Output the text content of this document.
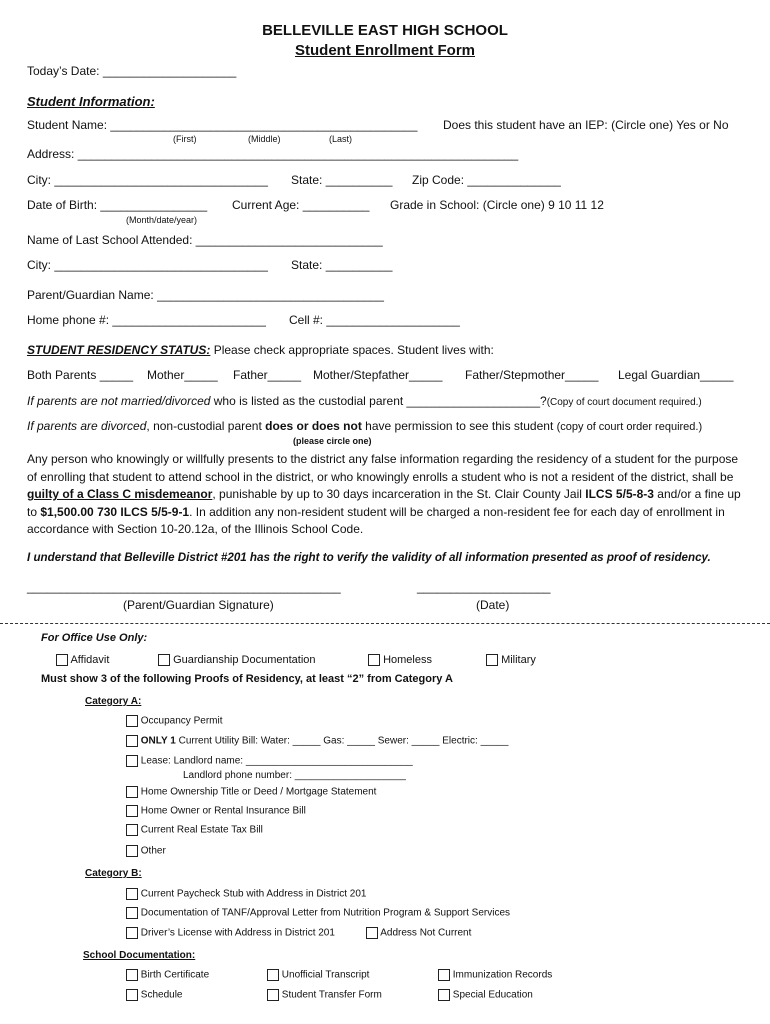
BELLEVILLE EAST HIGH SCHOOL
Student Enrollment Form
Today’s Date: ____________________
Student Information:
Student Name: ______________________________________________ Does this student have an IEP: (Circle one) Yes or No
(First)	(Middle)	(Last)
Address: __________________________________________________________________
City: ________________________________ State: __________ Zip Code: ______________
Date of Birth: ________________ Current Age: __________ Grade in School: (Circle one) 9 10 11 12
(Month/date/year)
Name of Last School Attended: ____________________________
City: ________________________________ State: __________
Parent/Guardian Name: __________________________________
Home phone #: _______________________ Cell #: ____________________
STUDENT RESIDENCY STATUS: Please check appropriate spaces. Student lives with:
Both Parents _____ Mother_____ Father_____ Mother/Stepfather_____ Father/Stepmother_____ Legal Guardian_____
If parents are not married/divorced who is listed as the custodial parent ____________________?(Copy of court document required.)
If parents are divorced, non-custodial parent does or does not have permission to see this student (copy of court order required.)
(please circle one)
Any person who knowingly or willfully presents to the district any false information regarding the residency of a student for the purpose of enrolling that student to attend school in the district, or who knowingly enrolls a student who is not a resident of the district, shall be guilty of a Class C misdemeanor, punishable by up to 30 days incarceration in the St. Clair County Jail ILCS 5/5-8-3 and/or a fine up to $1,500.00 730 ILCS 5/5-9-1. In addition any non-resident student will be charged a non-resident fee for each day of enrollment in accordance with Section 10-20.12a, of the Illinois School Code.
I understand that Belleville District #201 has the right to verify the validity of all information presented as proof of residency.
_______________________________________________	____________________
(Parent/Guardian Signature)	(Date)
For Office Use Only:
Affidavit	Guardianship Documentation	Homeless	Military
Must show 3 of the following Proofs of Residency, at least “2” from Category A
Category A:
Occupancy Permit
ONLY 1 Current Utility Bill: Water: _____ Gas: _____ Sewer: _____ Electric: _____
Lease: Landlord name: ______________________________
Landlord phone number: ____________________
Home Ownership Title or Deed / Mortgage Statement
Home Owner or Rental Insurance Bill
Current Real Estate Tax Bill
Other
Category B:
Current Paycheck Stub with Address in District 201
Documentation of TANF/Approval Letter from Nutrition Program & Support Services
Driver’s License with Address in District 201	Address Not Current
School Documentation:
Birth Certificate	Unofficial Transcript	Immunization Records
Schedule	Student Transfer Form	Special Education
